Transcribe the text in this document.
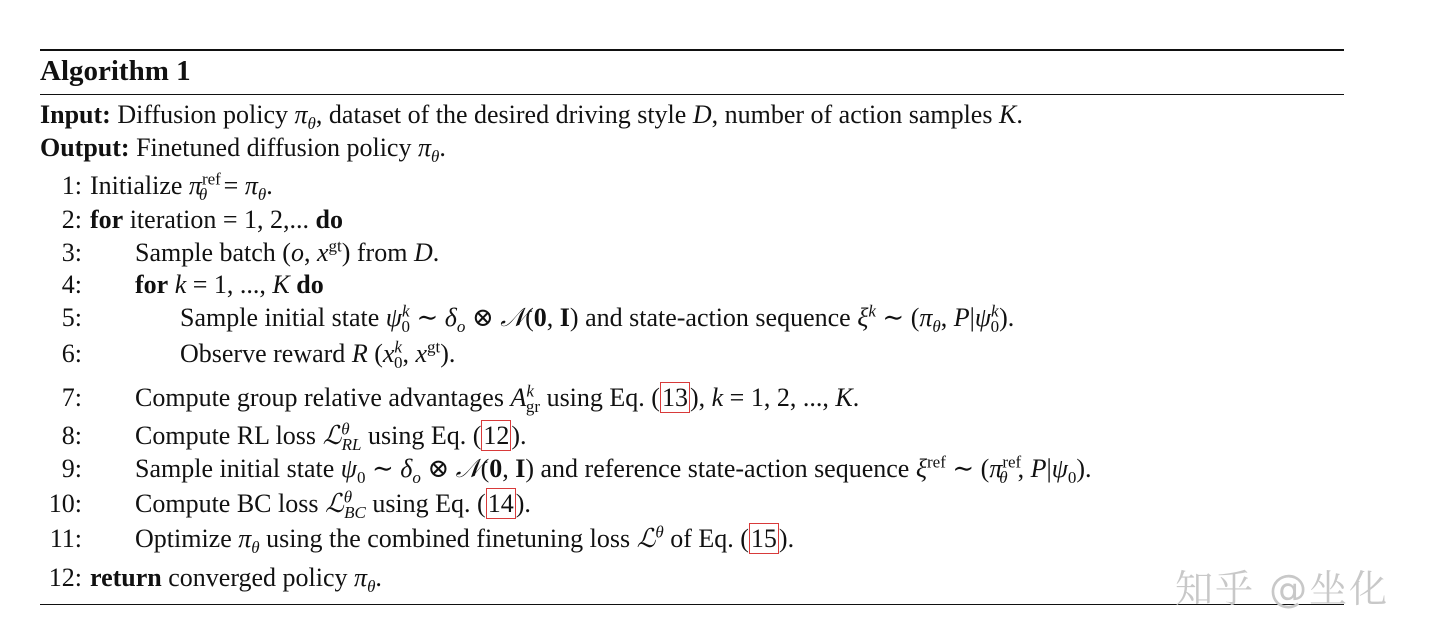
Algorithm 1
Input: Diffusion policy $\pi_\theta$, dataset of the desired driving style D, number of action samples K.
Output: Finetuned diffusion policy $\pi_\theta$.
1: Initialize $\pi^{ref}_\theta = \pi_\theta$.
2: for iteration = 1, 2,... do
3: Sample batch (o, $x^{gt}$) from D.
4: for k = 1, ..., K do
5:	Sample initial state $\psi^k_0$ ∼ $\delta_o$ ⊗ 𝒩(0, I) and state-action sequence $\xi^k$ ∼ ($\pi_\theta$, $P|\psi^k_0$).
6:	Observe reward R ($x^k_0$, $x^{gt}$).
7: Compute group relative advantages $A^k_{gr}$ using Eq. (13), k = 1, 2, ..., K.
8: Compute RL loss ℒ$^\theta_{RL}$ using Eq. (12).
9: Sample initial state $\psi_0$ ∼ $\delta_o$ ⊗ 𝒩(0, I) and reference state-action sequence $\xi^{ref}$ ∼ ($\pi^{ref}_\theta$ , $P|\psi_0$).
10: Compute BC loss ℒ$^\theta_{BC}$ using Eq. (14).
11: Optimize $\pi_\theta$ using the combined finetuning loss ℒ$^\theta$ of Eq. (15).
12: return converged policy $\pi_\theta$.	知乎 @坐化
